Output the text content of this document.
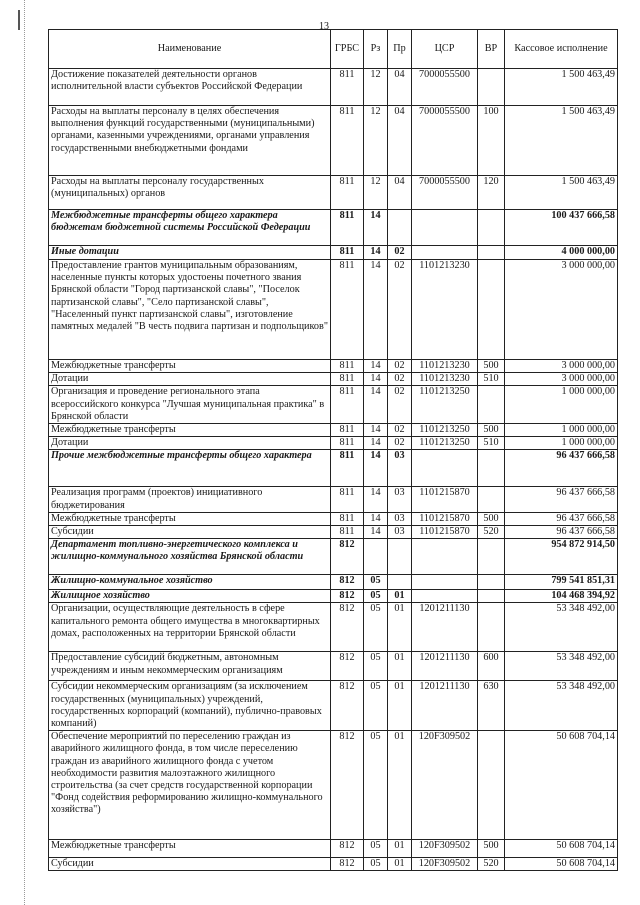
13
Наименование	ГРБС	Рз	Пр	ЦСР	ВР	Кассовое исполнение
Достижение показателей деятельности органов исполнительной власти субъектов Российской Федерации	811	12	04	7000055500		1 500 463,49
Расходы на выплаты персоналу в целях обеспечения выполнения функций государственными (муниципальными) органами, казенными учреждениями, органами управления государственными внебюджетными фондами	811	12	04	7000055500	100	1 500 463,49
Расходы на выплаты персоналу государственных (муниципальных) органов	811	12	04	7000055500	120	1 500 463,49
Межбюджетные трансферты общего характера бюджетам бюджетной системы Российской Федерации	811	14				100 437 666,58
Иные дотации	811	14	02			4 000 000,00
Предоставление грантов муниципальным образованиям, населенные пункты которых удостоены почетного звания Брянской области "Город партизанской славы", "Поселок партизанской славы", "Село партизанской славы", "Населенный пункт партизанской славы", изготовление памятных медалей "В честь подвига партизан и подпольщиков"	811	14	02	1101213230		3 000 000,00
Межбюджетные трансферты	811	14	02	1101213230	500	3 000 000,00
Дотации	811	14	02	1101213230	510	3 000 000,00
Организация и проведение регионального этапа всероссийского конкурса "Лучшая муниципальная практика" в Брянской области	811	14	02	1101213250		1 000 000,00
Межбюджетные трансферты	811	14	02	1101213250	500	1 000 000,00
Дотации	811	14	02	1101213250	510	1 000 000,00
Прочие межбюджетные трансферты общего характера	811	14	03			96 437 666,58
Реализация программ (проектов) инициативного бюджетирования	811	14	03	1101215870		96 437 666,58
Межбюджетные трансферты	811	14	03	1101215870	500	96 437 666,58
Субсидии	811	14	03	1101215870	520	96 437 666,58
Департамент топливно-энергетического комплекса и жилищно-коммунального хозяйства Брянской области	812					954 872 914,50
Жилищно-коммунальное хозяйство	812	05				799 541 851,31
Жилищное хозяйство	812	05	01			104 468 394,92
Организации, осуществляющие деятельность в сфере капитального ремонта общего имущества в многоквартирных домах, расположенных на территории Брянской области	812	05	01	1201211130		53 348 492,00
Предоставление субсидий бюджетным, автономным учреждениям и иным некоммерческим организациям	812	05	01	1201211130	600	53 348 492,00
Субсидии некоммерческим организациям (за исключением государственных (муниципальных) учреждений, государственных корпораций (компаний), публично-правовых компаний)	812	05	01	1201211130	630	53 348 492,00
Обеспечение мероприятий по переселению граждан из аварийного жилищного фонда, в том числе переселению граждан из аварийного жилищного фонда с учетом необходимости развития малоэтажного жилищного строительства (за счет средств государственной корпорации "Фонд содействия реформированию жилищно-коммунального хозяйства")	812	05	01	120F309502		50 608 704,14
Межбюджетные трансферты	812	05	01	120F309502	500	50 608 704,14
Субсидии	812	05	01	120F309502	520	50 608 704,14
